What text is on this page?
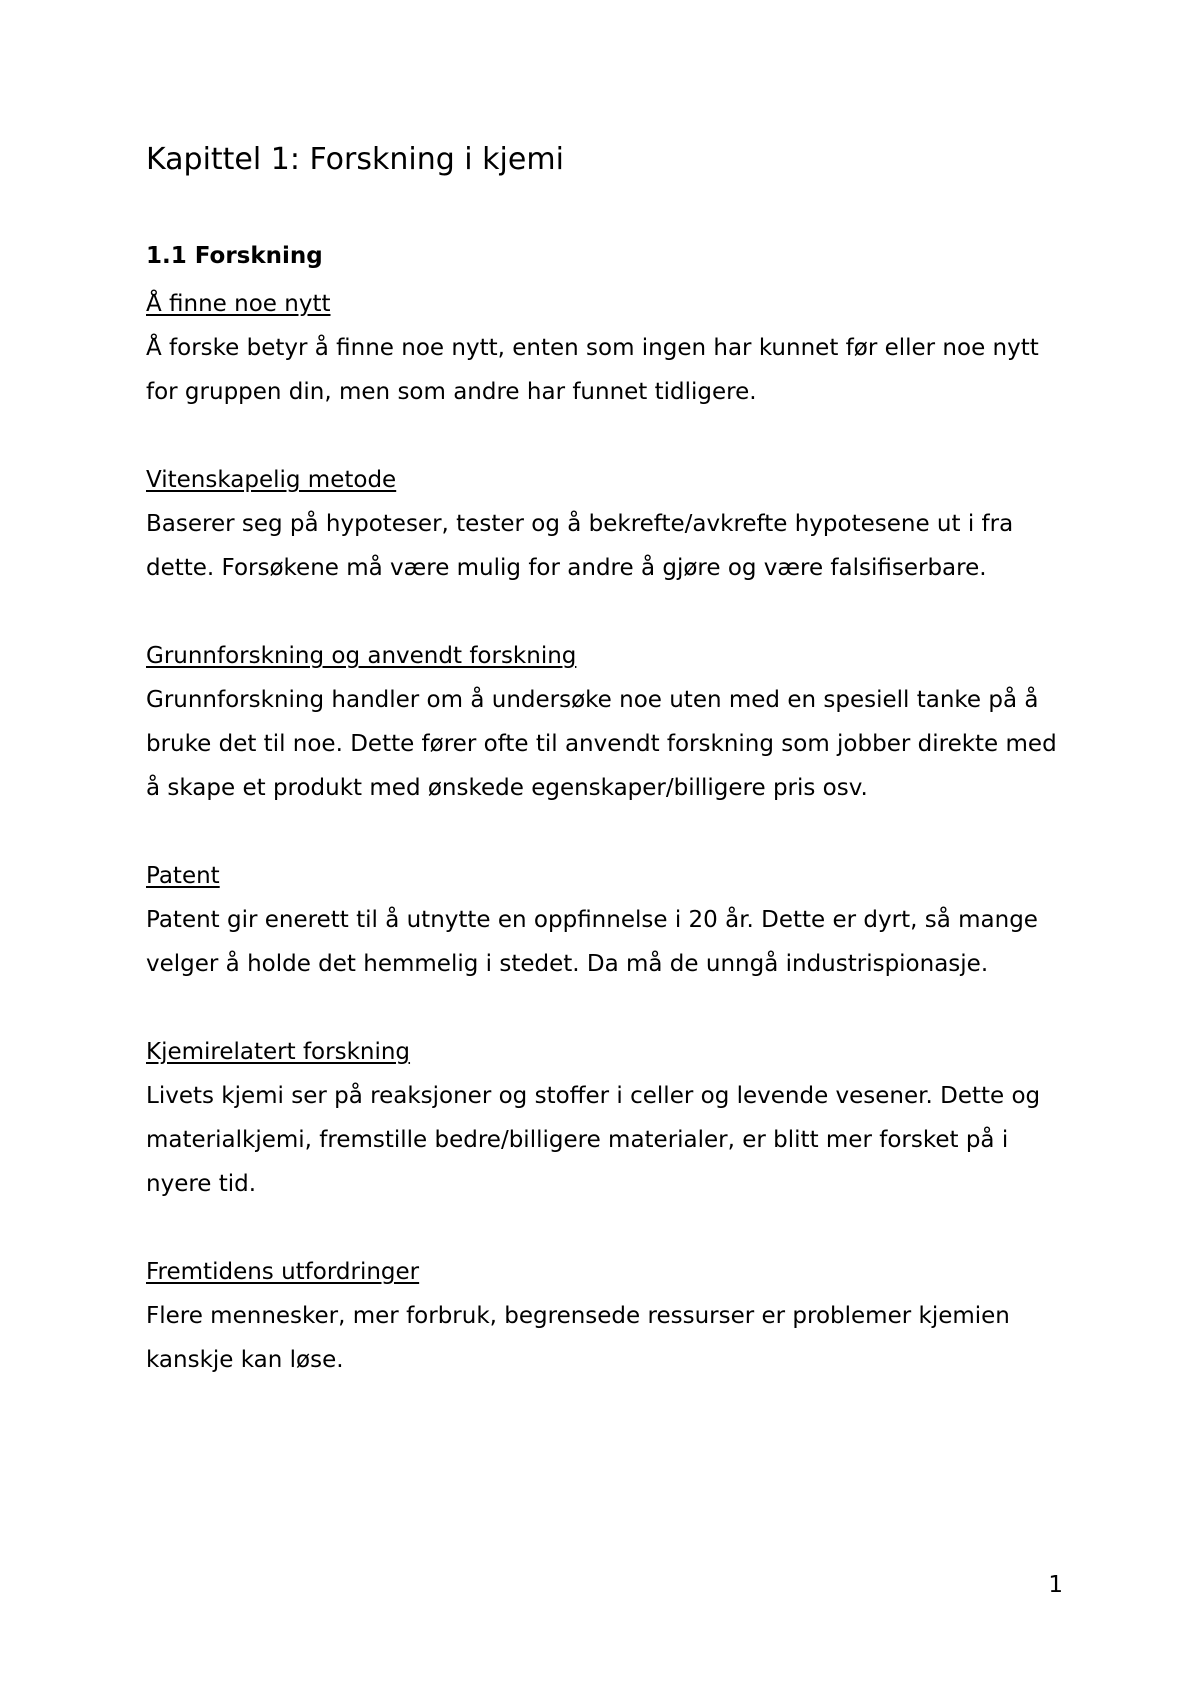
Kapittel 1: Forskning i kjemi
1.1 Forskning
Å finne noe nytt

Å forske betyr å finne noe nytt, enten som ingen har kunnet før eller noe nytt for gruppen din, men som andre har funnet tidligere.

Vitenskapelig metode

Baserer seg på hypoteser, tester og å bekrefte/avkrefte hypotesene ut i fra dette. Forsøkene må være mulig for andre å gjøre og være falsifiserbare.

Grunnforskning og anvendt forskning

Grunnforskning handler om å undersøke noe uten med en spesiell tanke på å bruke det til noe. Dette fører ofte til anvendt forskning som jobber direkte med å skape et produkt med ønskede egenskaper/billigere pris osv.

Patent

Patent gir enerett til å utnytte en oppfinnelse i 20 år. Dette er dyrt, så mange velger å holde det hemmelig i stedet. Da må de unngå industrispionasje.

Kjemirelatert forskning

Livets kjemi ser på reaksjoner og stoffer i celler og levende vesener. Dette og materialkjemi, fremstille bedre/billigere materialer, er blitt mer forsket på i nyere tid.

Fremtidens utfordringer

Flere mennesker, mer forbruk, begrensede ressurser er problemer kjemien kanskje kan løse.

1
